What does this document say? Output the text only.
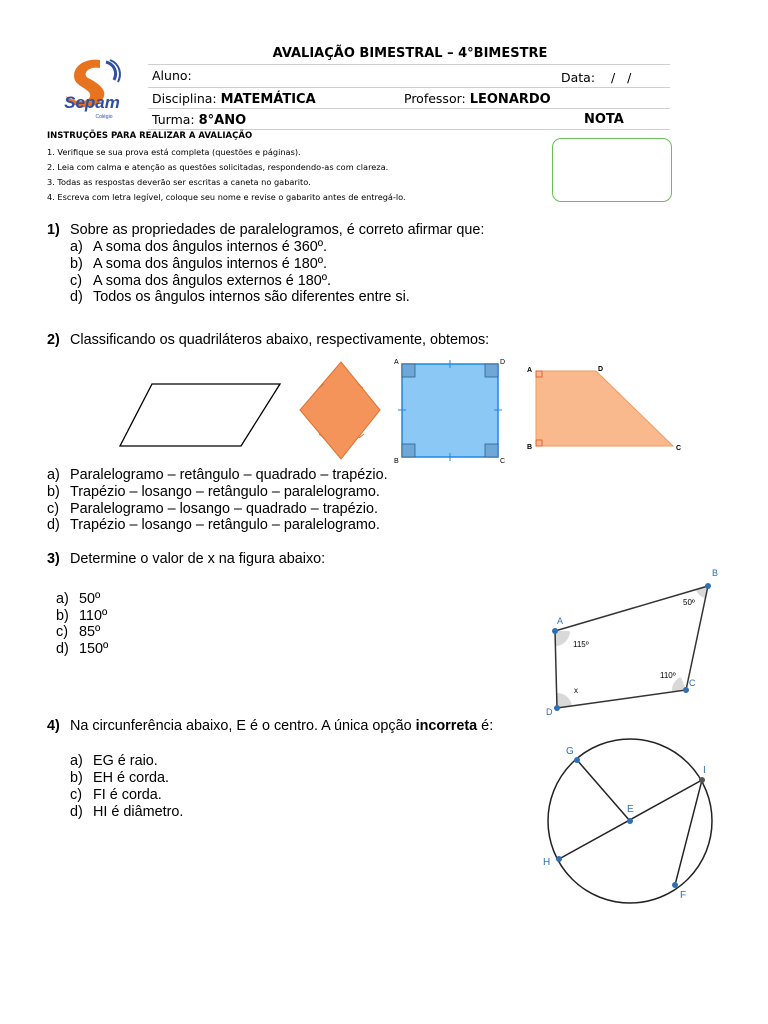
Sepam
Colégio
AVALIAÇÃO BIMESTRAL – 4°BIMESTRE
Aluno:	Data: /   /
Disciplina: MATEMÁTICA	Professor: LEONARDO
Turma: 8°ANO	NOTA
INSTRUÇÕES PARA REALIZAR A AVALIAÇÃO
1. Verifique se sua prova está completa (questões e páginas).
2. Leia com calma e atenção as questões solicitadas, respondendo-as com clareza.
3. Todas as respostas deverão ser escritas a caneta no gabarito.
4. Escreva com letra legível, coloque seu nome e revise o gabarito antes de entregá-lo.
1) Sobre as propriedades de paralelogramos, é correto afirmar que:
a) A soma dos ângulos internos é 360º.
b) A soma dos ângulos internos é 180º.
c) A soma dos ângulos externos é 180º.
d) Todos os ângulos internos são diferentes entre si.
2) Classificando os quadriláteros abaixo, respectivamente, obtemos:
A	D
B	C
A	D
B	C
a) Paralelogramo – retângulo – quadrado – trapézio.
b) Trapézio – losango – retângulo – paralelogramo.
c) Paralelogramo – losango – quadrado – trapézio.
d) Trapézio – losango – retângulo – paralelogramo.
3) Determine o valor de x na figura abaixo:
a) 50º
b) 110º
c) 85º
d) 150º
A
B
C
D
115º
50º
110º
x
4) Na circunferência abaixo, E é o centro. A única opção incorreta é:
a) EG é raio.
b) EH é corda.
c) FI é corda.
d) HI é diâmetro.
G
E
H
I
F
